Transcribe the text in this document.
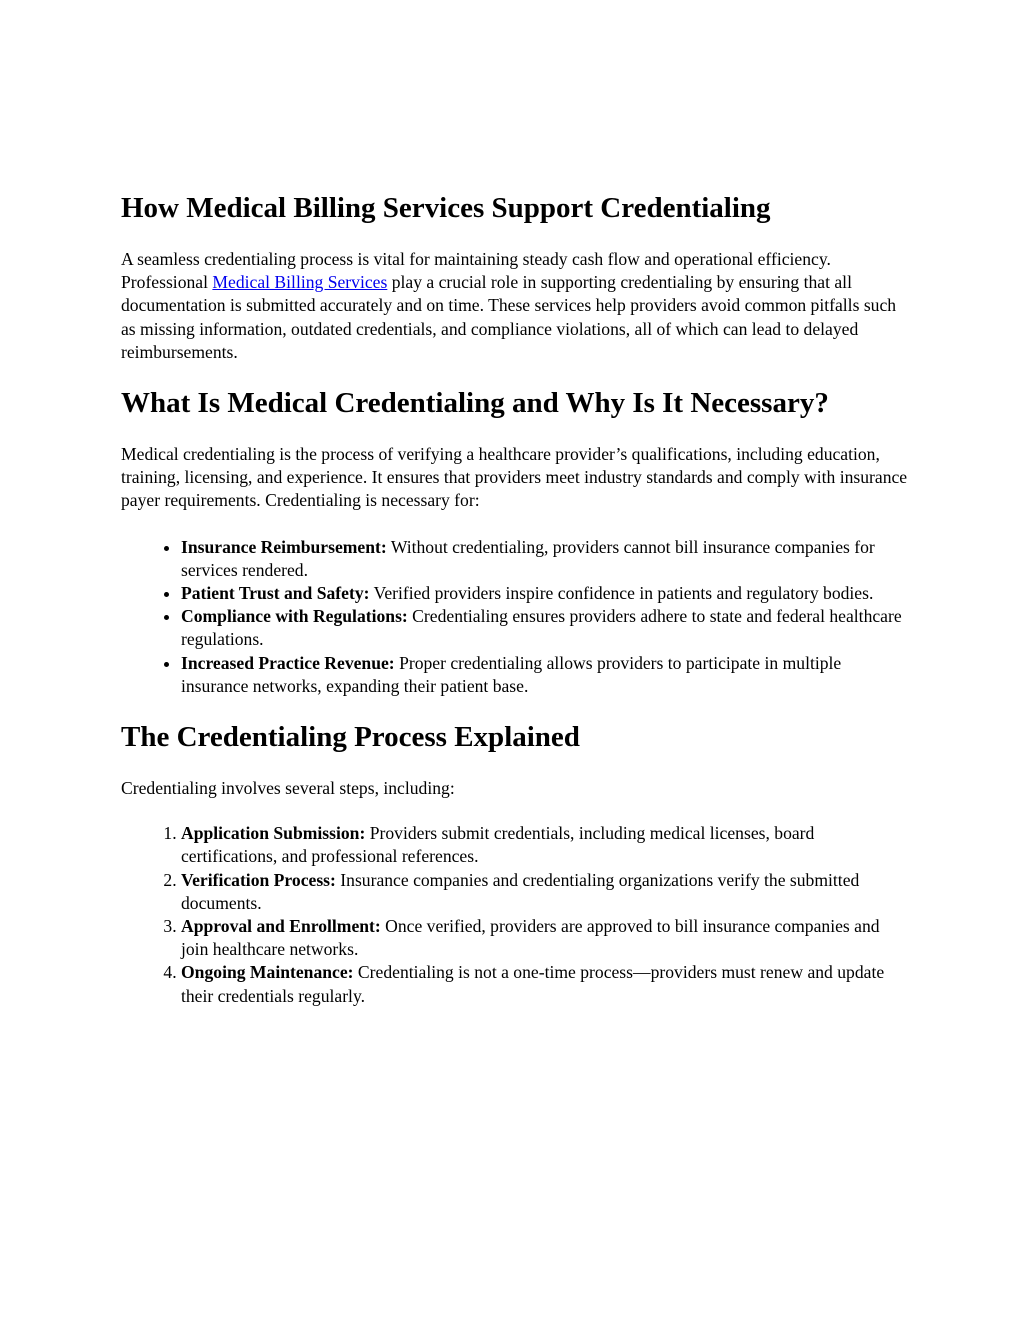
How Medical Billing Services Support Credentialing

A seamless credentialing process is vital for maintaining steady cash flow and operational efficiency. Professional Medical Billing Services play a crucial role in supporting credentialing by ensuring that all documentation is submitted accurately and on time. These services help providers avoid common pitfalls such as missing information, outdated credentials, and compliance violations, all of which can lead to delayed reimbursements.

What Is Medical Credentialing and Why Is It Necessary?

Medical credentialing is the process of verifying a healthcare provider’s qualifications, including education, training, licensing, and experience. It ensures that providers meet industry standards and comply with insurance payer requirements. Credentialing is necessary for:

• Insurance Reimbursement: Without credentialing, providers cannot bill insurance companies for services rendered.
• Patient Trust and Safety: Verified providers inspire confidence in patients and regulatory bodies.
• Compliance with Regulations: Credentialing ensures providers adhere to state and federal healthcare regulations.
• Increased Practice Revenue: Proper credentialing allows providers to participate in multiple insurance networks, expanding their patient base.
The Credentialing Process Explained

Credentialing involves several steps, including:

1. Application Submission: Providers submit credentials, including medical licenses, board certifications, and professional references.
2. Verification Process: Insurance companies and credentialing organizations verify the submitted documents.
3. Approval and Enrollment: Once verified, providers are approved to bill insurance companies and join healthcare networks.
4. Ongoing Maintenance: Credentialing is not a one-time process—providers must renew and update their credentials regularly.
